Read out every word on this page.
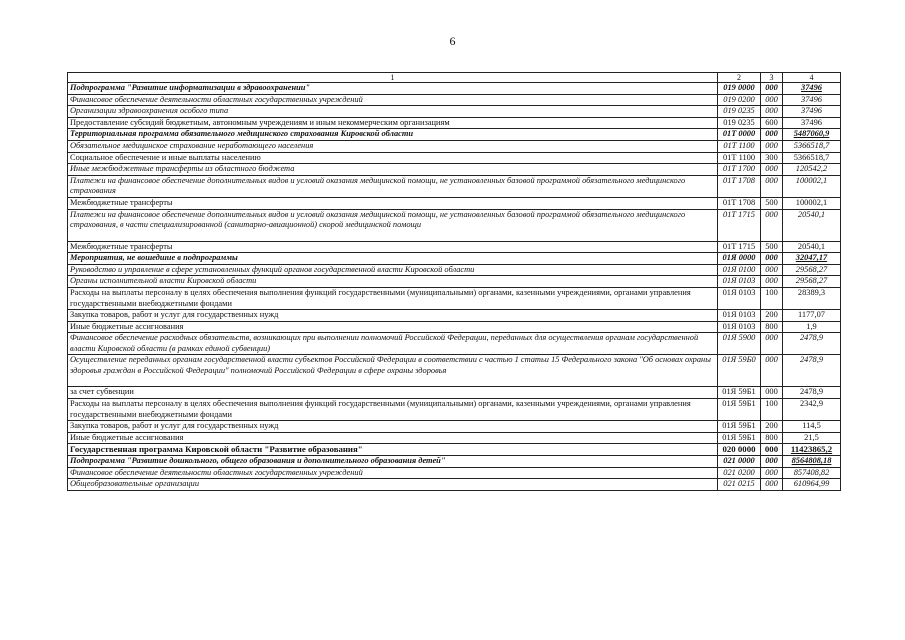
6
1	2	3	4
Подпрограмма "Развитие информатизации в здравоохранении"	019 0000	000	37496
Финансовое обеспечение деятельности областных государственных учреждений	019 0200	000	37496
Организации здравоохранения особого типа	019 0235	000	37496
Предоставление субсидий бюджетным, автономным учреждениям и иным некоммерческим организациям	019 0235	600	37496
Территориальная программа обязательного медицинского страхования Кировской области	01Т 0000	000	5487060,9
Обязательное медицинское страхование неработающего населения	01Т 1100	000	5366518,7
Социальное обеспечение и иные выплаты населению	01Т 1100	300	5366518,7
Иные межбюджетные трансферты из областного бюджета	01Т 1700	000	120542,2
Платежи на финансовое обеспечение дополнительных видов и условий оказания медицинской помощи, не установленных базовой программой обязательного медицинского страхования	01Т 1708	000	100002,1
Межбюджетные трансферты	01Т 1708	500	100002,1
Платежи на финансовое обеспечение дополнительных видов и условий оказания медицинской помощи, не установленных базовой программой обязательного медицинского страхования, в части специализированной (санитарно-авиационной) скорой медицинской помощи	01Т 1715	000	20540,1
Межбюджетные трансферты	01Т 1715	500	20540,1
Мероприятия, не вошедшие в подпрограммы	01Я 0000	000	32047,17
Руководство и управление в сфере установленных функций органов государственной власти Кировской области	01Я 0100	000	29568,27
Органы исполнительной власти Кировской области	01Я 0103	000	29568,27
Расходы на выплаты персоналу в целях обеспечения выполнения функций государственными (муниципальными) органами, казенными учреждениями, органами управления государственными внебюджетными фондами	01Я 0103	100	28389,3
Закупка товаров, работ и услуг для государственных нужд	01Я 0103	200	1177,07
Иные бюджетные ассигнования	01Я 0103	800	1,9
Финансовое обеспечение расходных обязательств, возникающих при выполнении полномочий Российской Федерации, переданных для осуществления органам государственной власти Кировской области (в рамках единой субвенции)	01Я 5900	000	2478,9
Осуществление переданных органам государственной власти субъектов Российской Федерации в соответствии с частью 1 статьи 15 Федерального закона "Об основах охраны здоровья граждан в Российской Федерации" полномочий Российской Федерации в сфере охраны здоровья	01Я 59Б0	000	2478,9
за счет субвенции	01Я 59Б1	000	2478,9
Расходы на выплаты персоналу в целях обеспечения выполнения функций государственными (муниципальными) органами, казенными учреждениями, органами управления государственными внебюджетными фондами	01Я 59Б1	100	2342,9
Закупка товаров, работ и услуг для государственных нужд	01Я 59Б1	200	114,5
Иные бюджетные ассигнования	01Я 59Б1	800	21,5
Государственная программа Кировской области "Развитие образования"	020 0000	000	11423865,2
Подпрограмма "Развитие дошкольного, общего образования и дополнительного образования детей"	021 0000	000	8564808,18
Финансовое обеспечение деятельности областных государственных учреждений	021 0200	000	857408,82
Общеобразовательные организации	021 0215	000	610964,99
